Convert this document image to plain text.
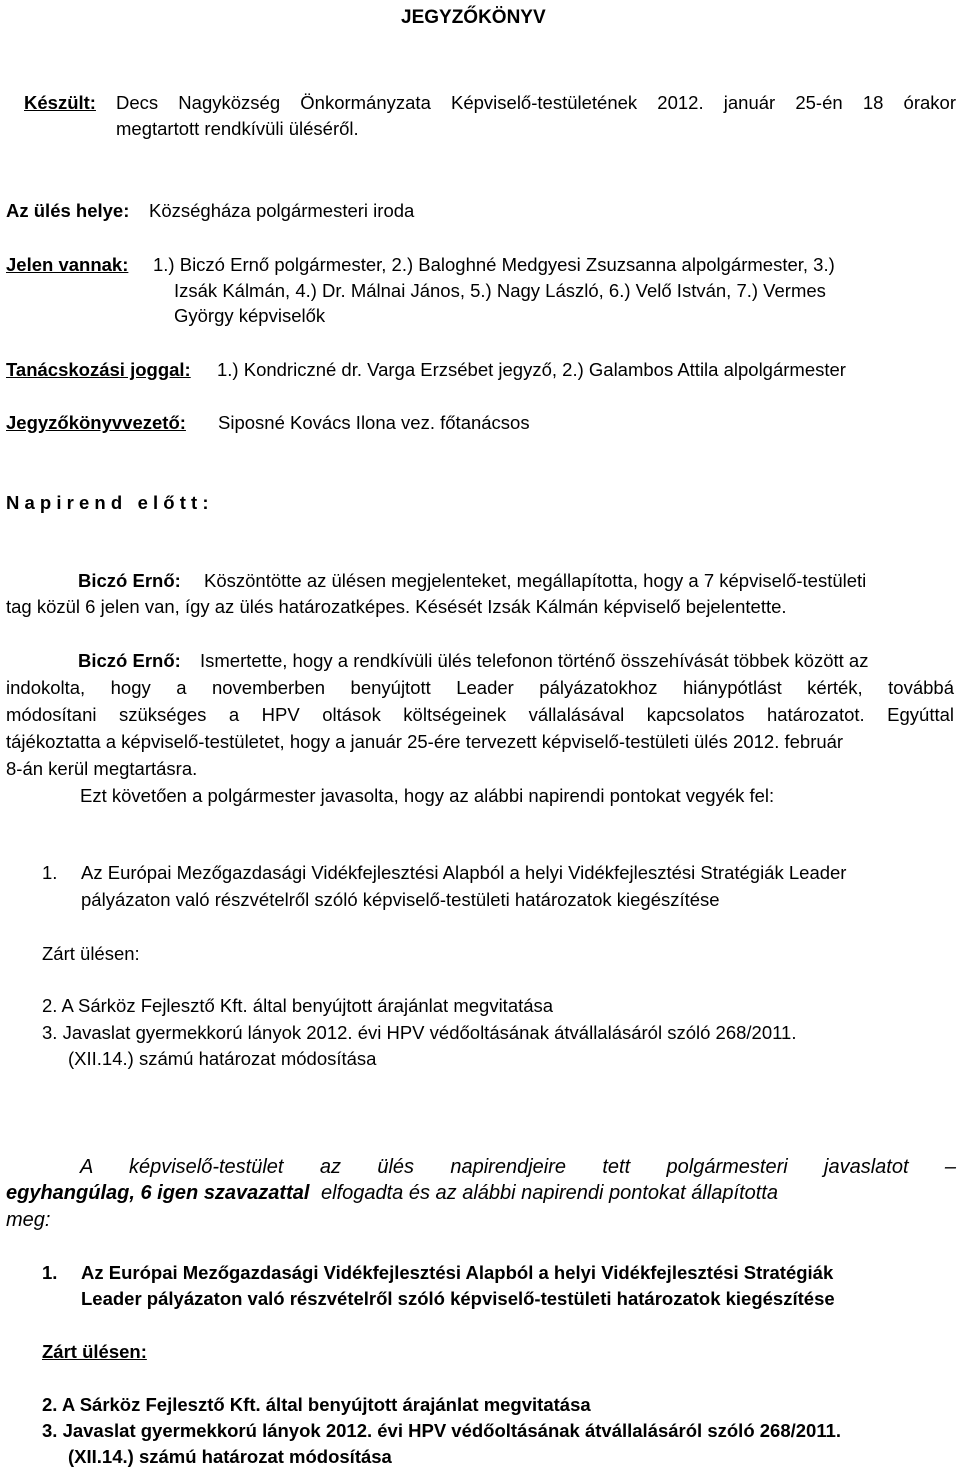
JEGYZŐKÖNYV
Készült: Decs Nagyközség Önkormányzata Képviselő-testületének 2012. január 25-én 18 órakor
megtartott rendkívüli üléséről.
Az ülés helye: Községháza polgármesteri iroda
Jelen vannak: 1.) Biczó Ernő polgármester, 2.) Baloghné Medgyesi Zsuzsanna alpolgármester, 3.)
Izsák Kálmán, 4.) Dr. Málnai János, 5.) Nagy László, 6.) Velő István, 7.) Vermes
György képviselők
Tanácskozási joggal: 1.) Kondriczné dr. Varga Erzsébet jegyző, 2.) Galambos Attila alpolgármester
Jegyzőkönyvvezető: Siposné Kovács Ilona vez. főtanácsos
N a p i r e n d   e l ő t t :
Biczó Ernő: Köszöntötte az ülésen megjelenteket, megállapította, hogy a 7 képviselő-testületi
tag közül 6 jelen van, így az ülés határozatképes. Késését Izsák Kálmán képviselő bejelentette.
Biczó Ernő: Ismertette, hogy a rendkívüli ülés telefonon történő összehívását többek között az
indokolta, hogy a novemberben benyújtott Leader pályázatokhoz hiánypótlást kérték, továbbá
módosítani szükséges a HPV oltások költségeinek vállalásával kapcsolatos határozatot. Egyúttal
tájékoztatta a képviselő-testületet, hogy a január 25-ére tervezett képviselő-testületi ülés 2012. február
8-án kerül megtartásra.
Ezt követően a polgármester javasolta, hogy az alábbi napirendi pontokat vegyék fel:
1. Az Európai Mezőgazdasági Vidékfejlesztési Alapból a helyi Vidékfejlesztési Stratégiák Leader
pályázaton való részvételről szóló képviselő-testületi határozatok kiegészítése
Zárt ülésen:
2. A Sárköz Fejlesztő Kft. által benyújtott árajánlat megvitatása
3. Javaslat gyermekkorú lányok 2012. évi HPV védőoltásának átvállalásáról szóló 268/2011.
(XII.14.) számú határozat módosítása
A képviselő-testület az ülés napirendjeire tett polgármesteri javaslatot –
egyhangúlag, 6 igen szavazattal elfogadta és az alábbi napirendi pontokat állapította
meg:
1. Az Európai Mezőgazdasági Vidékfejlesztési Alapból a helyi Vidékfejlesztési Stratégiák
Leader pályázaton való részvételről szóló képviselő-testületi határozatok kiegészítése
Zárt ülésen:
2. A Sárköz Fejlesztő Kft. által benyújtott árajánlat megvitatása
3. Javaslat gyermekkorú lányok 2012. évi HPV védőoltásának átvállalásáról szóló 268/2011.
(XII.14.) számú határozat módosítása
